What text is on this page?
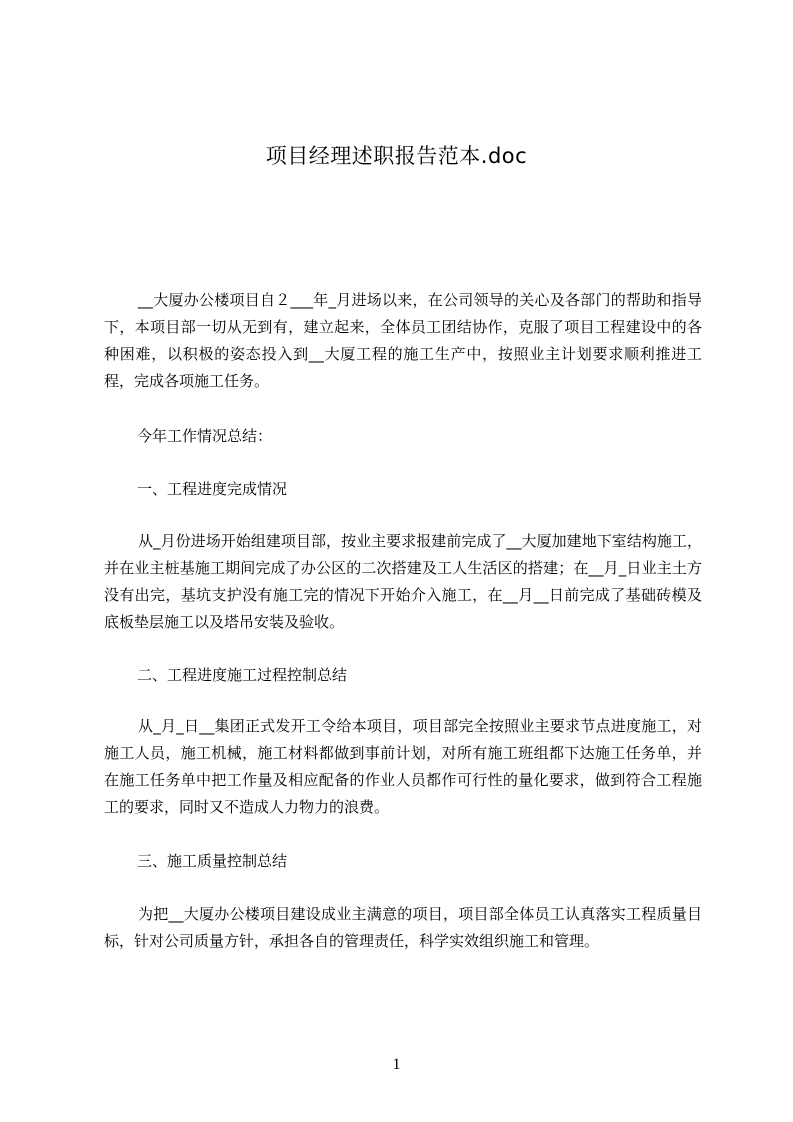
项目经理述职报告范本.doc
__大厦办公楼项目自２___年_月进场以来，在公司领导的关心及各部门的帮助和指导下，本项目部一切从无到有，建立起来，全体员工团结协作，克服了项目工程建设中的各种困难，以积极的姿态投入到__大厦工程的施工生产中，按照业主计划要求顺利推进工程，完成各项施工任务。
今年工作情况总结：
一、工程进度完成情况
从_月份进场开始组建项目部，按业主要求报建前完成了__大厦加建地下室结构施工，并在业主桩基施工期间完成了办公区的二次搭建及工人生活区的搭建；在__月_日业主土方没有出完，基坑支护没有施工完的情况下开始介入施工，在__月__日前完成了基础砖模及底板垫层施工以及塔吊安装及验收。
二、工程进度施工过程控制总结
从_月_日__集团正式发开工令给本项目，项目部完全按照业主要求节点进度施工，对施工人员，施工机械，施工材料都做到事前计划，对所有施工班组都下达施工任务单，并在施工任务单中把工作量及相应配备的作业人员都作可行性的量化要求，做到符合工程施工的要求，同时又不造成人力物力的浪费。
三、施工质量控制总结
为把__大厦办公楼项目建设成业主满意的项目，项目部全体员工认真落实工程质量目标，针对公司质量方针，承担各自的管理责任，科学实效组织施工和管理。
1
